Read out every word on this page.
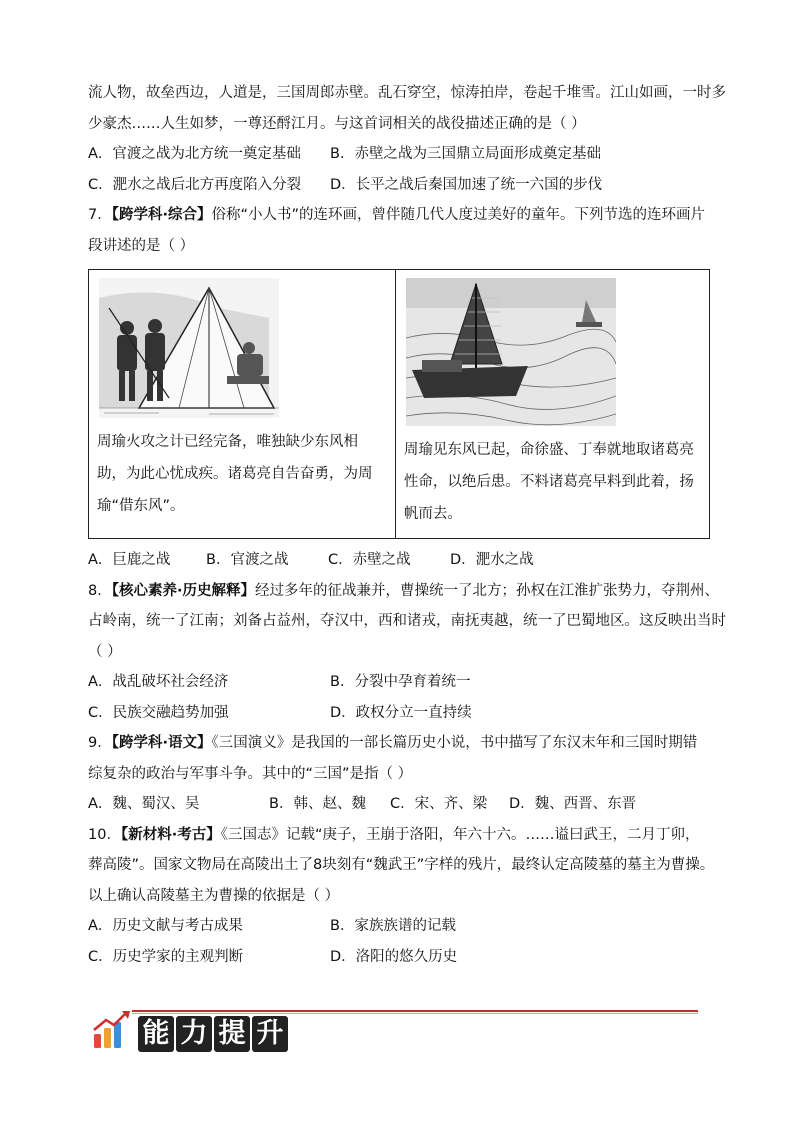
流人物，故垒西边，人道是，三国周郎赤壁。乱石穿空，惊涛拍岸，卷起千堆雪。江山如画，一时多
少豪杰……人生如梦，一尊还酹江月。与这首词相关的战役描述正确的是（ ）
A．官渡之战为北方统一奠定基础	B．赤壁之战为三国鼎立局面形成奠定基础
C．淝水之战后北方再度陷入分裂	D．长平之战后秦国加速了统一六国的步伐
7．【跨学科·综合】俗称“小人书”的连环画，曾伴随几代人度过美好的童年。下列节选的连环画片
段讲述的是（ ）
周瑜火攻之计已经完备，唯独缺少东风相助，为此心忧成疾。诸葛亮自告奋勇，为周瑜“借东风”。

周瑜见东风已起，命徐盛、丁奉就地取诸葛亮性命，以绝后患。不料诸葛亮早料到此着，扬帆而去。
A．巨鹿之战	B．官渡之战	C．赤壁之战	D．淝水之战
8．【核心素养·历史解释】经过多年的征战兼并，曹操统一了北方；孙权在江淮扩张势力，夺荆州、
占岭南，统一了江南；刘备占益州，夺汉中，西和诸戎，南抚夷越，统一了巴蜀地区。这反映出当时
（ ）
A．战乱破坏社会经济	B．分裂中孕育着统一
C．民族交融趋势加强	D．政权分立一直持续
9．【跨学科·语文】《三国演义》是我国的一部长篇历史小说，书中描写了东汉末年和三国时期错
综复杂的政治与军事斗争。其中的“三国”是指（ ）
A．魏、蜀汉、吴	B．韩、赵、魏	C．宋、齐、梁	D．魏、西晋、东晋
10．【新材料·考古】《三国志》记载“庚子，王崩于洛阳，年六十六。……谥曰武王，二月丁卯，
葬高陵”。国家文物局在高陵出土了8块刻有“魏武王”字样的残片，最终认定高陵墓的墓主为曹操。
以上确认高陵墓主为曹操的依据是（ ）
A．历史文献与考古成果	B．家族族谱的记载
C．历史学家的主观判断	D．洛阳的悠久历史
能 力 提 升
